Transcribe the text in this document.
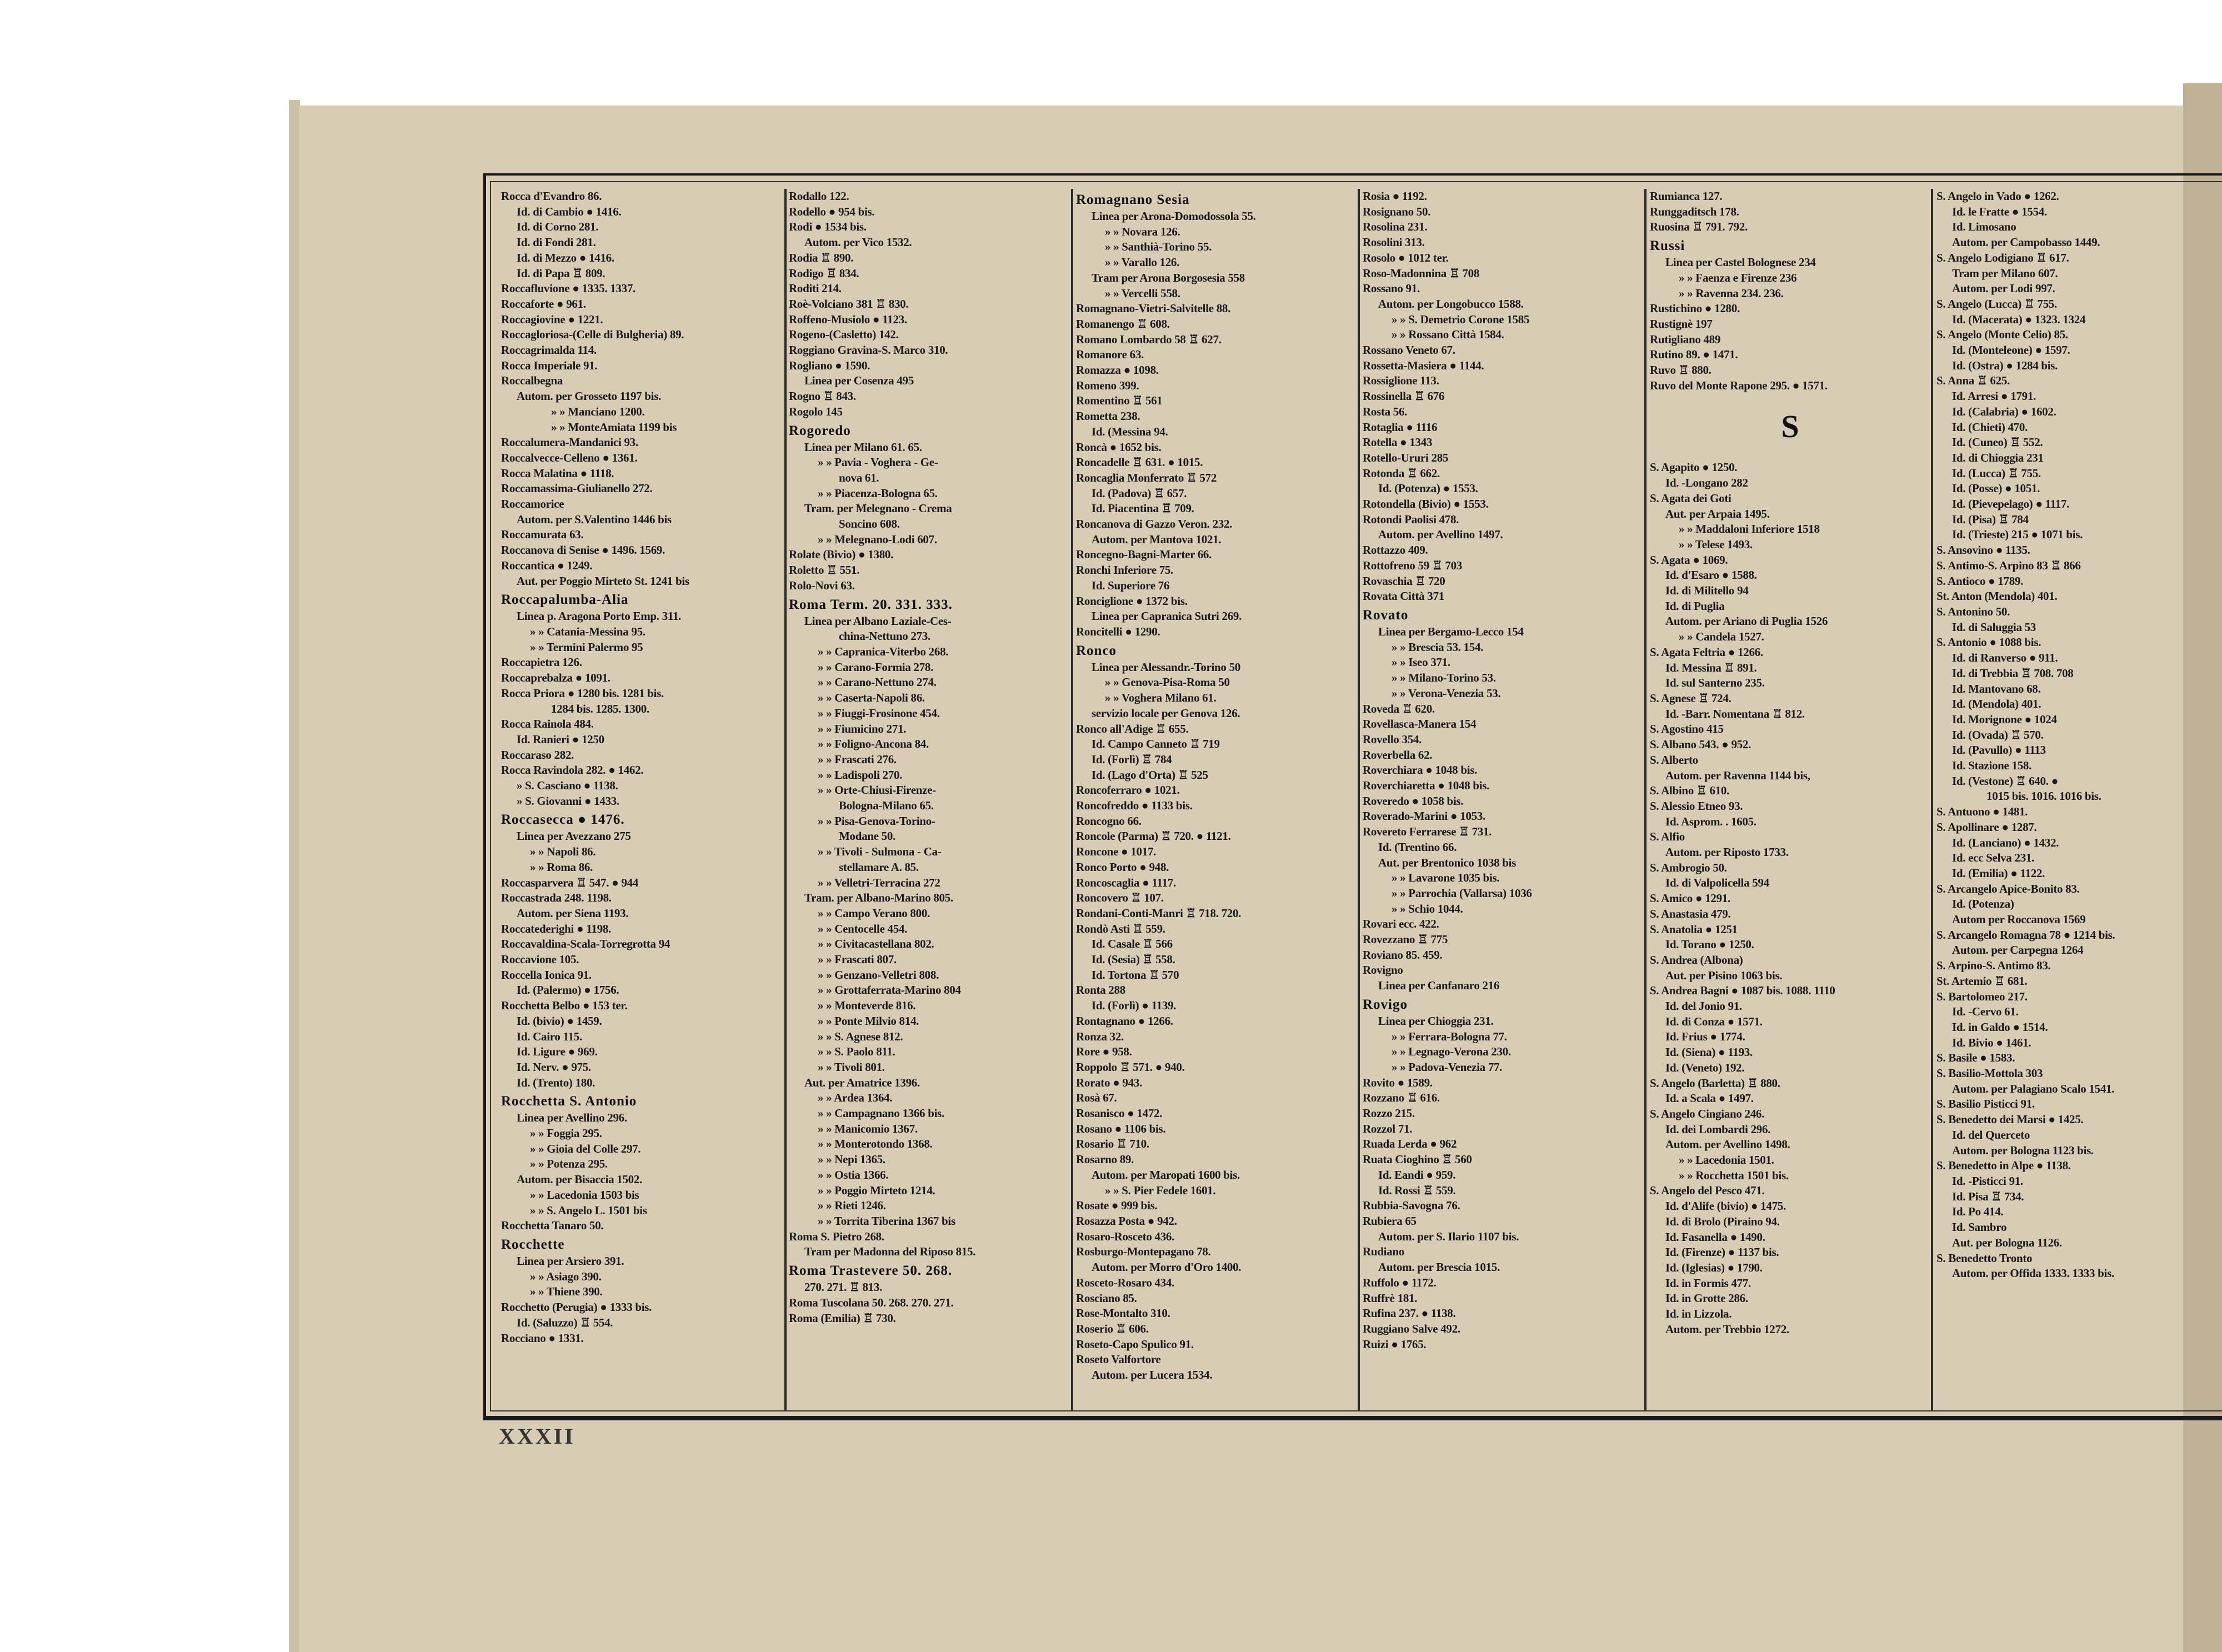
Rocca d'Evandro 86.
Id. di Cambio ● 1416.
Id. di Corno 281.
Id. di Fondi 281.
Id. di Mezzo ● 1416.
Id. di Papa ♖ 809.
Roccafluvione ● 1335. 1337.
Roccaforte ● 961.
Roccagiovine ● 1221.
Roccagloriosa-(Celle di Bulgheria) 89.
Roccagrimalda 114.
Rocca Imperiale 91.
Roccalbegna
Autom. per Grosseto 1197 bis.
» » Manciano 1200.
» » MonteAmiata 1199 bis
Roccalumera-Mandanici 93.
Roccalvecce-Celleno ● 1361.
Rocca Malatina ● 1118.
Roccamassima-Giulianello 272.
Roccamorice
Autom. per S.Valentino 1446 bis
Roccamurata 63.
Roccanova di Senise ● 1496. 1569.
Roccantica ● 1249.
Aut. per Poggio Mirteto St. 1241 bis
Roccapalumba-Alia
Linea p. Aragona Porto Emp. 311.
» » Catania-Messina 95.
» » Termini Palermo 95
Roccapietra 126.
Roccaprebalza ● 1091.
Rocca Priora ● 1280 bis. 1281 bis.
1284 bis. 1285. 1300.
Rocca Rainola 484.
Id. Ranieri ● 1250
Roccaraso 282.
Rocca Ravindola 282. ● 1462.
» S. Casciano ● 1138.
» S. Giovanni ● 1433.
Roccasecca ● 1476.
Linea per Avezzano 275
» » Napoli 86.
» » Roma 86.
Roccasparvera ♖ 547. ● 944
Roccastrada 248. 1198.
Autom. per Siena 1193.
Roccatederighi ● 1198.
Roccavaldina-Scala-Torregrotta 94
Roccavione 105.
Roccella Ionica 91.
Id. (Palermo) ● 1756.
Rocchetta Belbo ● 153 ter.
Id. (bivio) ● 1459.
Id. Cairo 115.
Id. Ligure ● 969.
Id. Nerv. ● 975.
Id. (Trento) 180.
Rocchetta S. Antonio
Linea per Avellino 296.
» » Foggia 295.
» » Gioia del Colle 297.
» » Potenza 295.
Autom. per Bisaccia 1502.
» » Lacedonia 1503 bis
» » S. Angelo L. 1501 bis
Rocchetta Tanaro 50.
Rocchette
Linea per Arsiero 391.
» » Asiago 390.
» » Thiene 390.
Rocchetto (Perugia) ● 1333 bis.
Id. (Saluzzo) ♖ 554.
Rocciano ● 1331.
Rodallo 122.
Rodello ● 954 bis.
Rodi ● 1534 bis.
Autom. per Vico 1532.
Rodia ♖ 890.
Rodigo ♖ 834.
Roditi 214.
Roè-Volciano 381 ♖ 830.
Roffeno-Musiolo ● 1123.
Rogeno-(Casletto) 142.
Roggiano Gravina-S. Marco 310.
Rogliano ● 1590.
Linea per Cosenza 495
Rogno ♖ 843.
Rogolo 145
Rogoredo
Linea per Milano 61. 65.
» » Pavia - Voghera - Ge-
nova 61.
» » Piacenza-Bologna 65.
Tram. per Melegnano - Crema
Soncino 608.
» » Melegnano-Lodi 607.
Rolate (Bivio) ● 1380.
Roletto ♖ 551.
Rolo-Novi 63.
Roma Term. 20. 331. 333.
Linea per Albano Laziale-Ces-
china-Nettuno 273.
» » Capranica-Viterbo 268.
» » Carano-Formia 278.
» » Carano-Nettuno 274.
» » Caserta-Napoli 86.
» » Fiuggi-Frosinone 454.
» » Fiumicino 271.
» » Foligno-Ancona 84.
» » Frascati 276.
» » Ladispoli 270.
» » Orte-Chiusi-Firenze-
Bologna-Milano 65.
» » Pisa-Genova-Torino-
Modane 50.
» » Tivoli - Sulmona - Ca-
stellamare A. 85.
» » Velletri-Terracina 272
Tram. per Albano-Marino 805.
» » Campo Verano 800.
» » Centocelle 454.
» » Civitacastellana 802.
» » Frascati 807.
» » Genzano-Velletri 808.
» » Grottaferrata-Marino 804
» » Monteverde 816.
» » Ponte Milvio 814.
» » S. Agnese 812.
» » S. Paolo 811.
» » Tivoli 801.
Aut. per Amatrice 1396.
» » Ardea 1364.
» » Campagnano 1366 bis.
» » Manicomio 1367.
» » Monterotondo 1368.
» » Nepi 1365.
» » Ostia 1366.
» » Poggio Mirteto 1214.
» » Rieti 1246.
» » Torrita Tiberina 1367 bis
Roma S. Pietro 268.
Tram per Madonna del Riposo 815.
Roma Trastevere 50. 268.
270. 271. ♖ 813.
Roma Tuscolana 50. 268. 270. 271.
Roma (Emilia) ♖ 730.
Romagnano Sesia
Linea per Arona-Domodossola 55.
» » Novara 126.
» » Santhià-Torino 55.
» » Varallo 126.
Tram per Arona Borgosesia 558
» » Vercelli 558.
Romagnano-Vietri-Salvitelle 88.
Romanengo ♖ 608.
Romano Lombardo 58 ♖ 627.
Romanore 63.
Romazza ● 1098.
Romeno 399.
Romentino ♖ 561
Rometta 238.
Id. (Messina 94.
Roncà ● 1652 bis.
Roncadelle ♖ 631. ● 1015.
Roncaglia Monferrato ♖ 572
Id. (Padova) ♖ 657.
Id. Piacentina ♖ 709.
Roncanova di Gazzo Veron. 232.
Autom. per Mantova 1021.
Roncegno-Bagni-Marter 66.
Ronchi Inferiore 75.
Id. Superiore 76
Ronciglione ● 1372 bis.
Linea per Capranica Sutri 269.
Roncitelli ● 1290.
Ronco
Linea per Alessandr.-Torino 50
» » Genova-Pisa-Roma 50
» » Voghera Milano 61.
servizio locale per Genova 126.
Ronco all'Adige ♖ 655.
Id. Campo Canneto ♖ 719
Id. (Forlì) ♖ 784
Id. (Lago d'Orta) ♖ 525
Roncoferraro ● 1021.
Roncofreddo ● 1133 bis.
Roncogno 66.
Roncole (Parma) ♖ 720. ● 1121.
Roncone ● 1017.
Ronco Porto ● 948.
Roncoscaglia ● 1117.
Roncovero ♖ 107.
Rondani-Conti-Manri ♖ 718. 720.
Rondò Asti ♖ 559.
Id. Casale ♖ 566
Id. (Sesia) ♖ 558.
Id. Tortona ♖ 570
Ronta 288
Id. (Forlì) ● 1139.
Rontagnano ● 1266.
Ronza 32.
Rore ● 958.
Roppolo ♖ 571. ● 940.
Rorato ● 943.
Rosà 67.
Rosanisco ● 1472.
Rosano ● 1106 bis.
Rosario ♖ 710.
Rosarno 89.
Autom. per Maropati 1600 bis.
» » S. Pier Fedele 1601.
Rosate ● 999 bis.
Rosazza Posta ● 942.
Rosaro-Rosceto 436.
Rosburgo-Montepagano 78.
Autom. per Morro d'Oro 1400.
Rosceto-Rosaro 434.
Rosciano 85.
Rose-Montalto 310.
Roserio ♖ 606.
Roseto-Capo Spulico 91.
Roseto Valfortore
Autom. per Lucera 1534.
Rosia ● 1192.
Rosignano 50.
Rosolina 231.
Rosolini 313.
Rosolo ● 1012 ter.
Roso-Madonnina ♖ 708
Rossano 91.
Autom. per Longobucco 1588.
» » S. Demetrio Corone 1585
» » Rossano Città 1584.
Rossano Veneto 67.
Rossetta-Masiera ● 1144.
Rossiglione 113.
Rossinella ♖ 676
Rosta 56.
Rotaglia ● 1116
Rotella ● 1343
Rotello-Ururi 285
Rotonda ♖ 662.
Id. (Potenza) ● 1553.
Rotondella (Bivio) ● 1553.
Rotondi Paolisi 478.
Autom. per Avellino 1497.
Rottazzo 409.
Rottofreno 59 ♖ 703
Rovaschia ♖ 720
Rovata Città 371
Rovato
Linea per Bergamo-Lecco 154
» » Brescia 53. 154.
» » Iseo 371.
» » Milano-Torino 53.
» » Verona-Venezia 53.
Roveda ♖ 620.
Rovellasca-Manera 154
Rovello 354.
Roverbella 62.
Roverchiara ● 1048 bis.
Roverchiaretta ● 1048 bis.
Roveredo ● 1058 bis.
Roverado-Marini ● 1053.
Rovereto Ferrarese ♖ 731.
Id. (Trentino 66.
Aut. per Brentonico 1038 bis
» » Lavarone 1035 bis.
» » Parrochia (Vallarsa) 1036
» » Schio 1044.
Rovari ecc. 422.
Rovezzano ♖ 775
Roviano 85. 459.
Rovigno
Linea per Canfanaro 216
Rovigo
Linea per Chioggia 231.
» » Ferrara-Bologna 77.
» » Legnago-Verona 230.
» » Padova-Venezia 77.
Rovito ● 1589.
Rozzano ♖ 616.
Rozzo 215.
Rozzol 71.
Ruada Lerda ● 962
Ruata Cioghino ♖ 560
Id. Eandi ● 959.
Id. Rossi ♖ 559.
Rubbia-Savogna 76.
Rubiera 65
Autom. per S. Ilario 1107 bis.
Rudiano
Autom. per Brescia 1015.
Ruffolo ● 1172.
Ruffrè 181.
Rufina 237. ● 1138.
Ruggiano Salve 492.
Ruizi ● 1765.
Rumianca 127.
Runggaditsch 178.
Ruosina ♖ 791. 792.
Russi
Linea per Castel Bolognese 234
» » Faenza e Firenze 236
» » Ravenna 234. 236.
Rustichino ● 1280.
Rustignè 197
Rutigliano 489
Rutino 89. ● 1471.
Ruvo ♖ 880.
Ruvo del Monte Rapone 295. ● 1571.
S
S. Agapito ● 1250.
Id. -Longano 282
S. Agata dei Goti
Aut. per Arpaia 1495.
» » Maddaloni Inferiore 1518
» » Telese 1493.
S. Agata ● 1069.
Id. d'Esaro ● 1588.
Id. di Militello 94
Id. di Puglia
Autom. per Ariano di Puglia 1526
» » Candela 1527.
S. Agata Feltria ● 1266.
Id. Messina ♖ 891.
Id. sul Santerno 235.
S. Agnese ♖ 724.
Id. -Barr. Nomentana ♖ 812.
S. Agostino 415
S. Albano 543. ● 952.
S. Alberto
Autom. per Ravenna 1144 bis,
S. Albino ♖ 610.
S. Alessio Etneo 93.
Id. Asprom. . 1605.
S. Alfio
Autom. per Riposto 1733.
S. Ambrogio 50.
Id. di Valpolicella 594
S. Amico ● 1291.
S. Anastasia 479.
S. Anatolia ● 1251
Id. Torano ● 1250.
S. Andrea (Albona)
Aut. per Pisino 1063 bis.
S. Andrea Bagni ● 1087 bis. 1088. 1110
Id. del Jonio 91.
Id. di Conza ● 1571.
Id. Frius ● 1774.
Id. (Siena) ● 1193.
Id. (Veneto) 192.
S. Angelo (Barletta) ♖ 880.
Id. a Scala ● 1497.
S. Angelo Cingiano 246.
Id. dei Lombardi 296.
Autom. per Avellino 1498.
» » Lacedonia 1501.
» » Rocchetta 1501 bis.
S. Angelo del Pesco 471.
Id. d'Alife (bivio) ● 1475.
Id. di Brolo (Piraino 94.
Id. Fasanella ● 1490.
Id. (Firenze) ● 1137 bis.
Id. (Iglesias) ● 1790.
Id. in Formis 477.
Id. in Grotte 286.
Id. in Lizzola.
Autom. per Trebbio 1272.
S. Angelo in Vado ● 1262.
Id. le Fratte ● 1554.
Id. Limosano
Autom. per Campobasso 1449.
S. Angelo Lodigiano ♖ 617.
Tram per Milano 607.
Autom. per Lodi 997.
S. Angelo (Lucca) ♖ 755.
Id. (Macerata) ● 1323. 1324
S. Angelo (Monte Celio) 85.
Id. (Monteleone) ● 1597.
Id. (Ostra) ● 1284 bis.
S. Anna ♖ 625.
Id. Arresi ● 1791.
Id. (Calabria) ● 1602.
Id. (Chieti) 470.
Id. (Cuneo) ♖ 552.
Id. di Chioggia 231
Id. (Lucca) ♖ 755.
Id. (Posse) ● 1051.
Id. (Pievepelago) ● 1117.
Id. (Pisa) ♖ 784
Id. (Trieste) 215 ● 1071 bis.
S. Ansovino ● 1135.
S. Antimo-S. Arpino 83 ♖ 866
S. Antioco ● 1789.
St. Anton (Mendola) 401.
S. Antonino 50.
Id. di Saluggia 53
S. Antonio ● 1088 bis.
Id. di Ranverso ● 911.
Id. di Trebbia ♖ 708. 708
Id. Mantovano 68.
Id. (Mendola) 401.
Id. Morignone ● 1024
Id. (Ovada) ♖ 570.
Id. (Pavullo) ● 1113
Id. Stazione 158.
Id. (Vestone) ♖ 640. ●
1015 bis. 1016. 1016 bis.
S. Antuono ● 1481.
S. Apollinare ● 1287.
Id. (Lanciano) ● 1432.
Id. ecc Selva 231.
Id. (Emilia) ● 1122.
S. Arcangelo Apice-Bonito 83.
Id. (Potenza)
Autom per Roccanova 1569
S. Arcangelo Romagna 78 ● 1214 bis.
Autom. per Carpegna 1264
S. Arpino-S. Antimo 83.
St. Artemio ♖ 681.
S. Bartolomeo 217.
Id. -Cervo 61.
Id. in Galdo ● 1514.
Id. Bivio ● 1461.
S. Basile ● 1583.
S. Basilio-Mottola 303
Autom. per Palagiano Scalo 1541.
S. Basilio Pisticci 91.
S. Benedetto dei Marsi ● 1425.
Id. del Querceto
Autom. per Bologna 1123 bis.
S. Benedetto in Alpe ● 1138.
Id. -Pisticci 91.
Id. Pisa ♖ 734.
Id. Po 414.
Id. Sambro
Aut. per Bologna 1126.
S. Benedetto Tronto
Autom. per Offida 1333. 1333 bis.
XXXII
